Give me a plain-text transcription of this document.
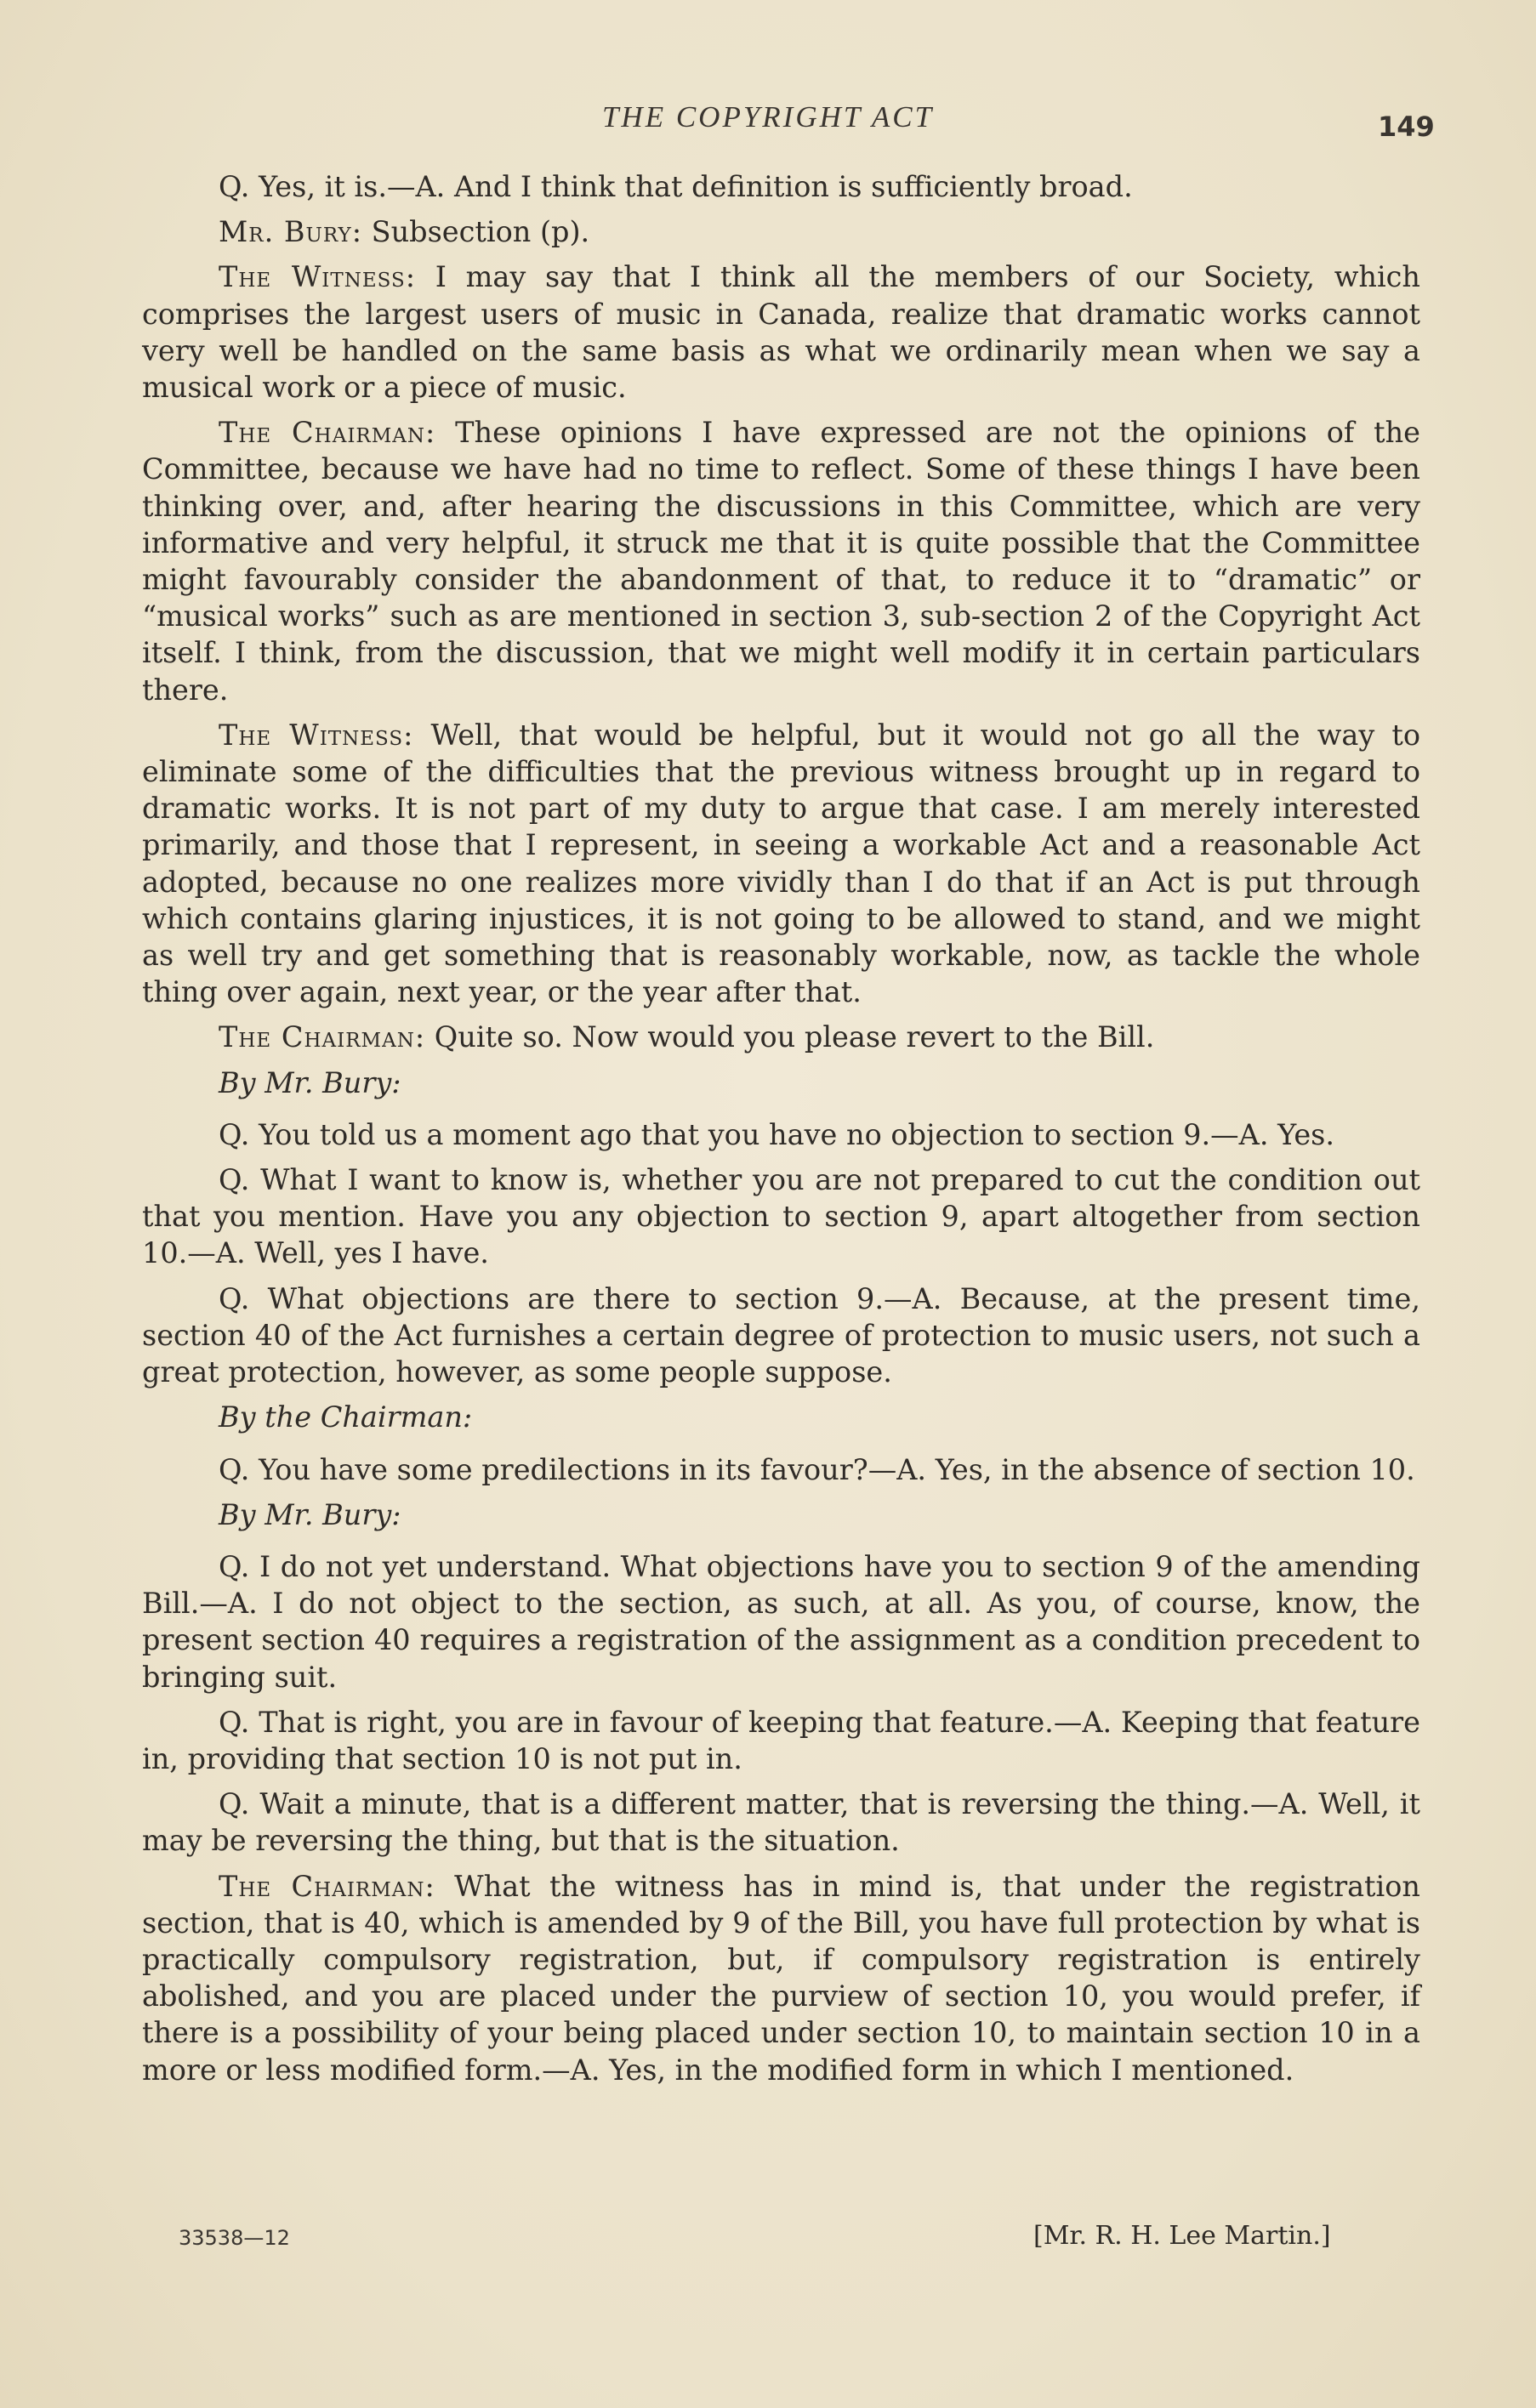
THE COPYRIGHT ACT	149

Q. Yes, it is.—A. And I think that definition is sufficiently broad.

Mr. Bury: Subsection (p).

The Witness: I may say that I think all the members of our Society, which comprises the largest users of music in Canada, realize that dramatic works cannot very well be handled on the same basis as what we ordinarily mean when we say a musical work or a piece of music.

The Chairman: These opinions I have expressed are not the opinions of the Committee, because we have had no time to reflect. Some of these things I have been thinking over, and, after hearing the discussions in this Committee, which are very informative and very helpful, it struck me that it is quite possible that the Committee might favourably consider the abandonment of that, to reduce it to “dramatic” or “musical works” such as are mentioned in section 3, sub-section 2 of the Copyright Act itself. I think, from the discussion, that we might well modify it in certain particulars there.

The Witness: Well, that would be helpful, but it would not go all the way to eliminate some of the difficulties that the previous witness brought up in regard to dramatic works. It is not part of my duty to argue that case. I am merely interested primarily, and those that I represent, in seeing a workable Act and a reasonable Act adopted, because no one realizes more vividly than I do that if an Act is put through which contains glaring injustices, it is not going to be allowed to stand, and we might as well try and get something that is reasonably workable, now, as tackle the whole thing over again, next year, or the year after that.

The Chairman: Quite so. Now would you please revert to the Bill.

By Mr. Bury:

Q. You told us a moment ago that you have no objection to section 9.—A. Yes.

Q. What I want to know is, whether you are not prepared to cut the condition out that you mention. Have you any objection to section 9, apart altogether from section 10.—A. Well, yes I have.

Q. What objections are there to section 9.—A. Because, at the present time, section 40 of the Act furnishes a certain degree of protection to music users, not such a great protection, however, as some people suppose.

By the Chairman:

Q. You have some predilections in its favour?—A. Yes, in the absence of section 10.

By Mr. Bury:

Q. I do not yet understand. What objections have you to section 9 of the amending Bill.—A. I do not object to the section, as such, at all. As you, of course, know, the present section 40 requires a registration of the assignment as a condition precedent to bringing suit.

Q. That is right, you are in favour of keeping that feature.—A. Keeping that feature in, providing that section 10 is not put in.

Q. Wait a minute, that is a different matter, that is reversing the thing.—A. Well, it may be reversing the thing, but that is the situation.

The Chairman: What the witness has in mind is, that under the registration section, that is 40, which is amended by 9 of the Bill, you have full protection by what is practically compulsory registration, but, if compulsory registration is entirely abolished, and you are placed under the purview of section 10, you would prefer, if there is a possibility of your being placed under section 10, to maintain section 10 in a more or less modified form.—A. Yes, in the modified form in which I mentioned.

33538—12	[Mr. R. H. Lee Martin.]
